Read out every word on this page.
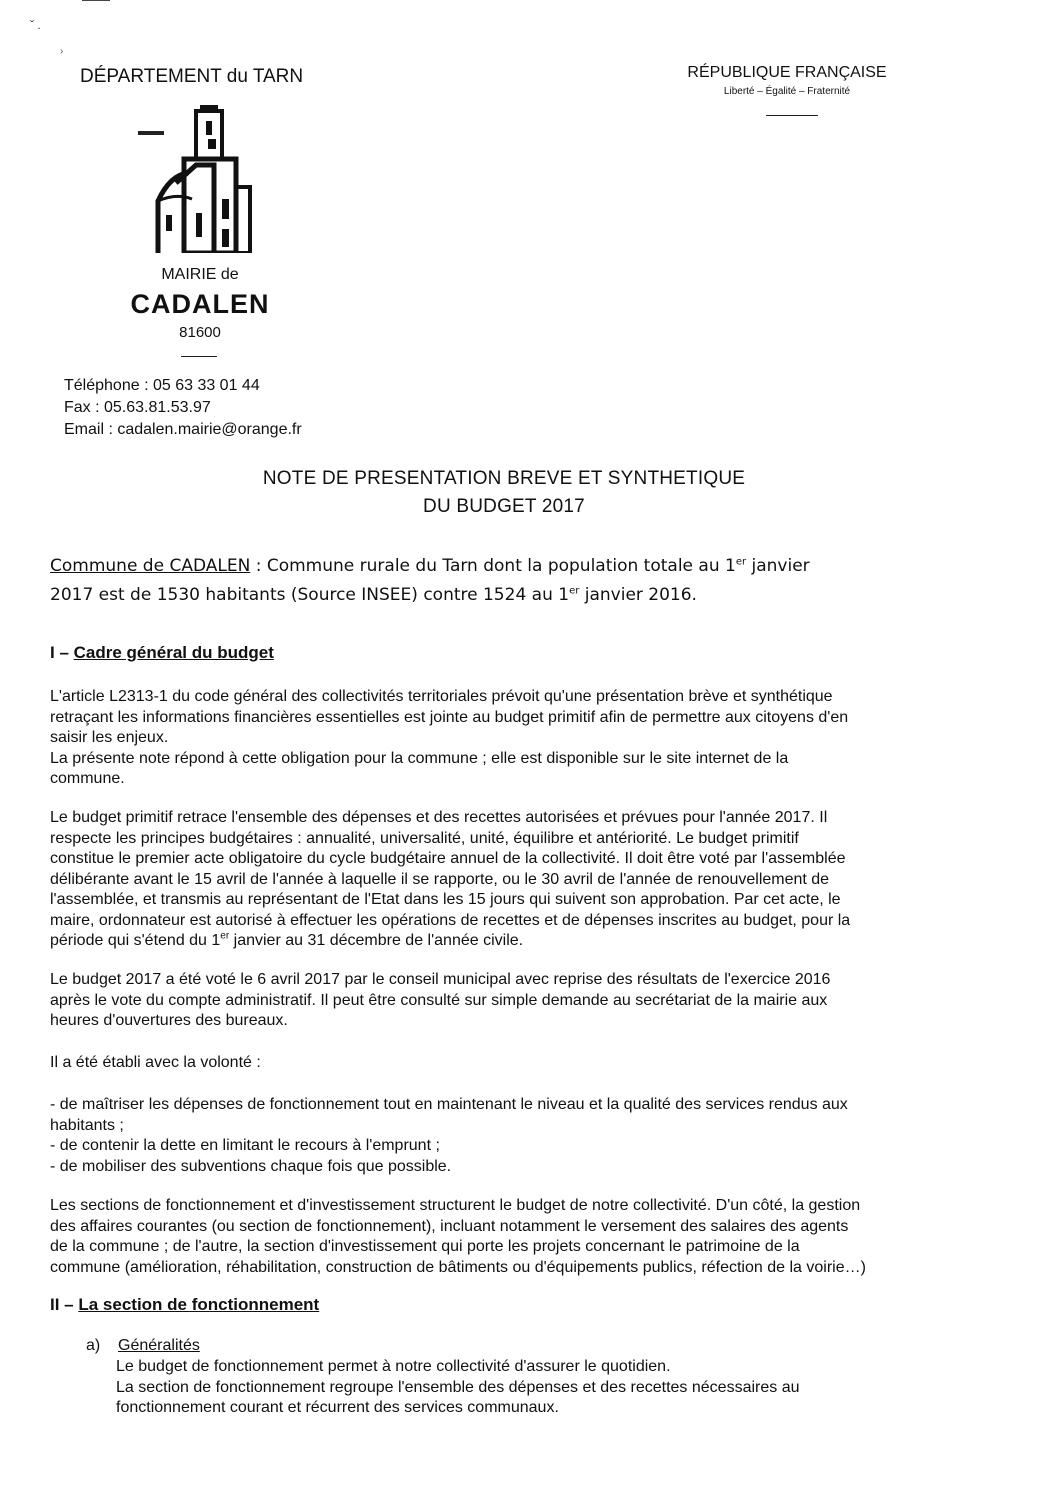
ˇ .
›
DÉPARTEMENT du TARN	RÉPUBLIQUE FRANÇAISE
Liberté – Égalité – Fraternité
MAIRIE de
CADALEN
81600
Téléphone : 05 63 33 01 44
Fax : 05.63.81.53.97
Email : cadalen.mairie@orange.fr
NOTE DE PRESENTATION BREVE ET SYNTHETIQUE
DU BUDGET 2017
Commune de CADALEN : Commune rurale du Tarn dont la population totale au 1er janvier
2017 est de 1530 habitants (Source INSEE) contre 1524 au 1er janvier 2016.
I – Cadre général du budget
L'article L2313-1 du code général des collectivités territoriales prévoit qu'une présentation brève et synthétique
retraçant les informations financières essentielles est jointe au budget primitif afin de permettre aux citoyens d'en
saisir les enjeux.
La présente note répond à cette obligation pour la commune ; elle est disponible sur le site internet de la
commune.
Le budget primitif retrace l'ensemble des dépenses et des recettes autorisées et prévues pour l'année 2017. Il
respecte les principes budgétaires : annualité, universalité, unité, équilibre et antériorité. Le budget primitif
constitue le premier acte obligatoire du cycle budgétaire annuel de la collectivité. Il doit être voté par l'assemblée
délibérante avant le 15 avril de l'année à laquelle il se rapporte, ou le 30 avril de l'année de renouvellement de
l'assemblée, et transmis au représentant de l'Etat dans les 15 jours qui suivent son approbation. Par cet acte, le
maire, ordonnateur est autorisé à effectuer les opérations de recettes et de dépenses inscrites au budget, pour la
période qui s'étend du 1er janvier au 31 décembre de l'année civile.
Le budget 2017 a été voté le 6 avril 2017 par le conseil municipal avec reprise des résultats de l'exercice 2016
après le vote du compte administratif. Il peut être consulté sur simple demande au secrétariat de la mairie aux
heures d'ouvertures des bureaux.
Il a été établi avec la volonté :
- de maîtriser les dépenses de fonctionnement tout en maintenant le niveau et la qualité des services rendus aux
habitants ;
- de contenir la dette en limitant le recours à l'emprunt ;
- de mobiliser des subventions chaque fois que possible.
Les sections de fonctionnement et d'investissement structurent le budget de notre collectivité. D'un côté, la gestion
des affaires courantes (ou section de fonctionnement), incluant notamment le versement des salaires des agents
de la commune ; de l'autre, la section d'investissement qui porte les projets concernant le patrimoine de la
commune (amélioration, réhabilitation, construction de bâtiments ou d'équipements publics, réfection de la voirie…)
II – La section de fonctionnement
a) Généralités
Le budget de fonctionnement permet à notre collectivité d'assurer le quotidien.
La section de fonctionnement regroupe l'ensemble des dépenses et des recettes nécessaires au
fonctionnement courant et récurrent des services communaux.
